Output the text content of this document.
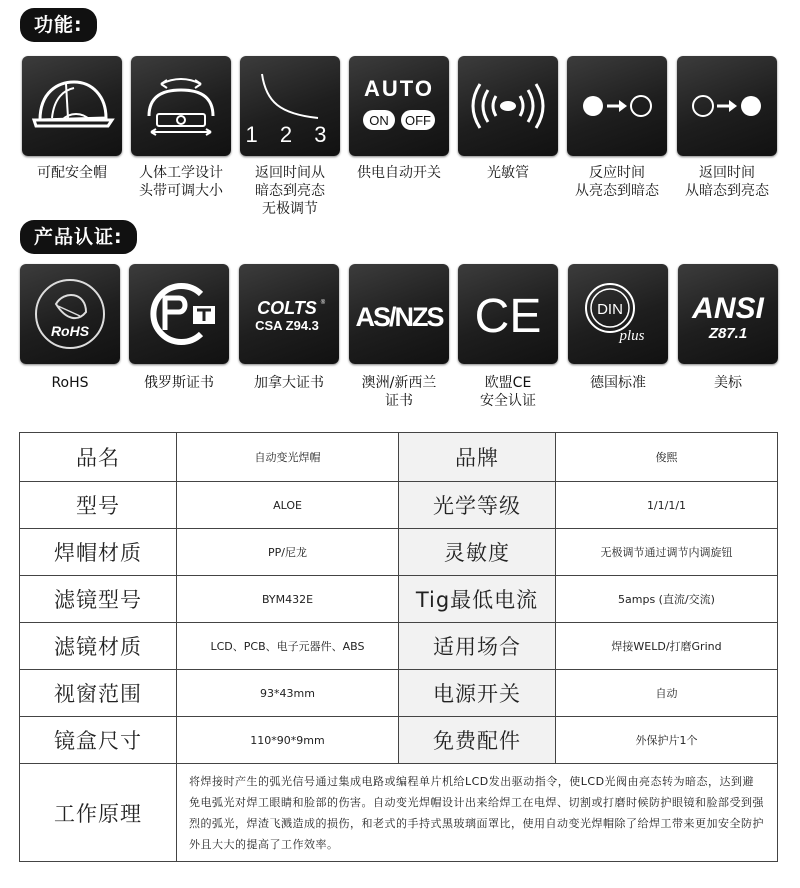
功能:
1 2 3
AUTO
ON OFF
可配安全帽	人体工学设计
头带可调大小
返回时间从
暗态到亮态
无极调节
供电自动开关	光敏管	反应时间
从亮态到暗态
返回时间
从暗态到亮态
产品认证:
RoHS
COLTS ®
CSA Z94.3 AS/NZS CE	DIN
plus
ANSI
Z87.1
RoHS	俄罗斯证书	加拿大证书	澳洲/新西兰
证书
欧盟CE
安全认证
德国标准	美标
品名	自动变光焊帽	品牌	俊熙
型号	ALOE	光学等级	1/1/1/1
焊帽材质	PP/尼龙	灵敏度	无极调节通过调节内调旋钮
滤镜型号	BYM432E	Tig最低电流	5amps (直流/交流)
滤镜材质	LCD、PCB、电子元器件、ABS	适用场合	焊接WELD/打磨Grind
视窗范围	93*43mm	电源开关	自动
镜盒尺寸	110*90*9mm	免费配件	外保护片1个
工作原理	将焊接时产生的弧光信号通过集成电路或编程单片机给LCD发出驱动指令，使LCD光阀由亮态转为暗态，达到避免电弧光对焊工眼睛和脸部的伤害。自动变光焊帽设计出来给焊工在电焊、切割或打磨时候防护眼镜和脸部受到强烈的弧光，焊渣飞溅造成的损伤，和老式的手持式黑玻璃面罩比，使用自动变光焊帽除了给焊工带来更加安全防护外且大大的提高了工作效率。		
